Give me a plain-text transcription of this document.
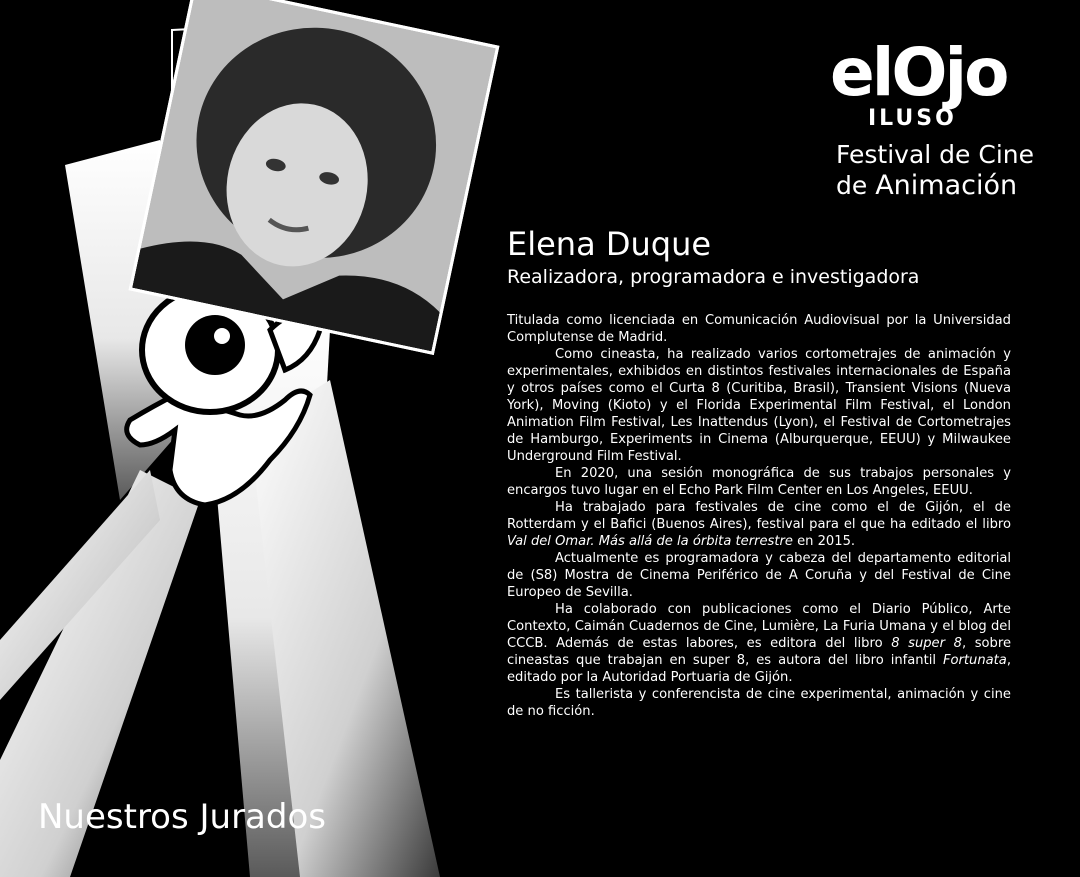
elOjo
ILUSO
Festival de Cine
de Animación
Elena Duque
Realizadora, programadora e investigadora

Titulada como licenciada en Comunicación Audiovisual por la Universidad Complutense de Madrid.

Como cineasta, ha realizado varios cortometrajes de animación y experimentales, exhibidos en distintos festivales internacionales de España y otros países como el Curta 8 (Curitiba, Brasil), Transient Visions (Nueva York), Moving (Kioto) y el Florida Experimental Film Festival, el London Animation Film Festival, Les Inattendus (Lyon), el Festival de Cortometrajes de Hamburgo, Experiments in Cinema (Alburquerque, EEUU) y Milwaukee Underground Film Festival.

En 2020, una sesión monográfica de sus trabajos personales y encargos tuvo lugar en el Echo Park Film Center en Los Angeles, EEUU.

Ha trabajado para festivales de cine como el de Gijón, el de Rotterdam y el Bafici (Buenos Aires), festival para el que ha editado el libro Val del Omar. Más allá de la órbita terrestre en 2015.

Actualmente es programadora y cabeza del departamento editorial de (S8) Mostra de Cinema Periférico de A Coruña y del Festival de Cine Europeo de Sevilla.

Ha colaborado con publicaciones como el Diario Público, Arte Contexto, Caimán Cuadernos de Cine, Lumière, La Furia Umana y el blog del CCCB. Además de estas labores, es editora del libro 8 super 8, sobre cineastas que trabajan en super 8, es autora del libro infantil Fortunata, editado por la Autoridad Portuaria de Gijón.

Es tallerista y conferencista de cine experimental, animación y cine de no ficción.

Nuestros Jurados
